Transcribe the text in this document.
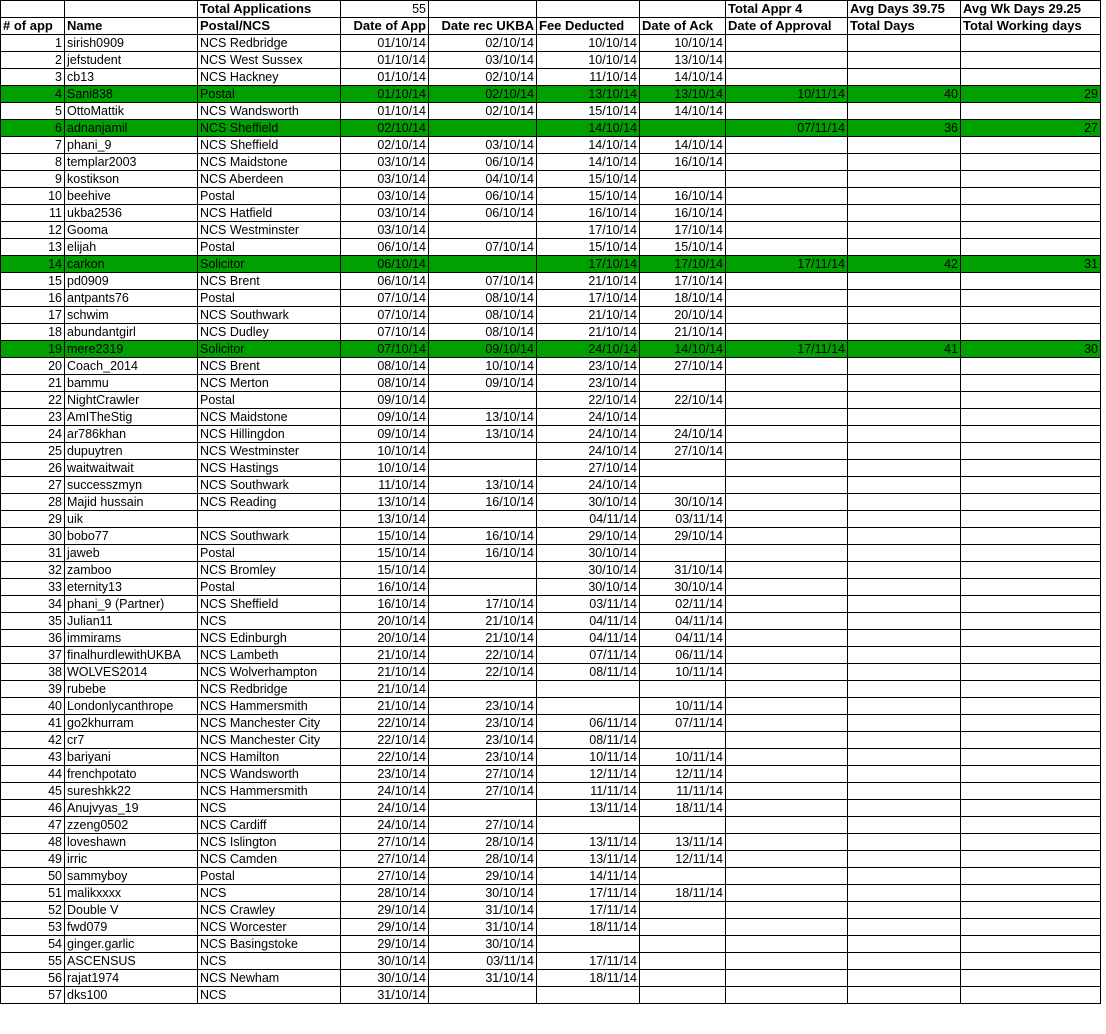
		Total Applications	55				Total Appr 4	Avg Days 39.75	Avg Wk Days 29.25
# of app	Name	Postal/NCS	Date of App	Date rec UKBA	Fee Deducted	Date of Ack	Date of Approval	Total Days	Total Working days
1	sirish0909	NCS Redbridge	01/10/14	02/10/14	10/10/14	10/10/14			
2	jefstudent	NCS West Sussex	01/10/14	03/10/14	10/10/14	13/10/14			
3	cb13	NCS Hackney	01/10/14	02/10/14	11/10/14	14/10/14			
4	Sani838	Postal	01/10/14	02/10/14	13/10/14	13/10/14	10/11/14	40	29
5	OttoMattik	NCS Wandsworth	01/10/14	02/10/14	15/10/14	14/10/14			
6	adnanjamil	NCS Sheffield	02/10/14		14/10/14		07/11/14	36	27
7	phani_9	NCS Sheffield	02/10/14	03/10/14	14/10/14	14/10/14			
8	templar2003	NCS Maidstone	03/10/14	06/10/14	14/10/14	16/10/14			
9	kostikson	NCS Aberdeen	03/10/14	04/10/14	15/10/14				
10	beehive	Postal	03/10/14	06/10/14	15/10/14	16/10/14			
11	ukba2536	NCS Hatfield	03/10/14	06/10/14	16/10/14	16/10/14			
12	Gooma	NCS Westminster	03/10/14		17/10/14	17/10/14			
13	elijah	Postal	06/10/14	07/10/14	15/10/14	15/10/14			
14	carkon	Solicitor	06/10/14		17/10/14	17/10/14	17/11/14	42	31
15	pd0909	NCS Brent	06/10/14	07/10/14	21/10/14	17/10/14			
16	antpants76	Postal	07/10/14	08/10/14	17/10/14	18/10/14			
17	schwim	NCS Southwark	07/10/14	08/10/14	21/10/14	20/10/14			
18	abundantgirl	NCS Dudley	07/10/14	08/10/14	21/10/14	21/10/14			
19	mere2319	Solicitor	07/10/14	09/10/14	24/10/14	14/10/14	17/11/14	41	30
20	Coach_2014	NCS Brent	08/10/14	10/10/14	23/10/14	27/10/14			
21	bammu	NCS Merton	08/10/14	09/10/14	23/10/14				
22	NightCrawler	Postal	09/10/14		22/10/14	22/10/14			
23	AmITheStig	NCS Maidstone	09/10/14	13/10/14	24/10/14				
24	ar786khan	NCS Hillingdon	09/10/14	13/10/14	24/10/14	24/10/14			
25	dupuytren	NCS Westminster	10/10/14		24/10/14	27/10/14			
26	waitwaitwait	NCS Hastings	10/10/14		27/10/14				
27	successzmyn	NCS Southwark	11/10/14	13/10/14	24/10/14				
28	Majid hussain	NCS Reading	13/10/14	16/10/14	30/10/14	30/10/14			
29	uik		13/10/14		04/11/14	03/11/14			
30	bobo77	NCS Southwark	15/10/14	16/10/14	29/10/14	29/10/14			
31	jaweb	Postal	15/10/14	16/10/14	30/10/14				
32	zamboo	NCS Bromley	15/10/14		30/10/14	31/10/14			
33	eternity13	Postal	16/10/14		30/10/14	30/10/14			
34	phani_9 (Partner)	NCS Sheffield	16/10/14	17/10/14	03/11/14	02/11/14			
35	Julian11	NCS	20/10/14	21/10/14	04/11/14	04/11/14			
36	immirams	NCS Edinburgh	20/10/14	21/10/14	04/11/14	04/11/14			
37	finalhurdlewithUKBA	NCS Lambeth	21/10/14	22/10/14	07/11/14	06/11/14			
38	WOLVES2014	NCS Wolverhampton	21/10/14	22/10/14	08/11/14	10/11/14			
39	rubebe	NCS Redbridge	21/10/14						
40	Londonlycanthrope	NCS Hammersmith	21/10/14	23/10/14		10/11/14			
41	go2khurram	NCS Manchester City	22/10/14	23/10/14	06/11/14	07/11/14			
42	cr7	NCS Manchester City	22/10/14	23/10/14	08/11/14				
43	bariyani	NCS Hamilton	22/10/14	23/10/14	10/11/14	10/11/14			
44	frenchpotato	NCS Wandsworth	23/10/14	27/10/14	12/11/14	12/11/14			
45	sureshkk22	NCS Hammersmith	24/10/14	27/10/14	11/11/14	11/11/14			
46	Anujvyas_19	NCS	24/10/14		13/11/14	18/11/14			
47	zzeng0502	NCS Cardiff	24/10/14	27/10/14					
48	loveshawn	NCS Islington	27/10/14	28/10/14	13/11/14	13/11/14			
49	irric	NCS Camden	27/10/14	28/10/14	13/11/14	12/11/14			
50	sammyboy	Postal	27/10/14	29/10/14	14/11/14				
51	malikxxxx	NCS	28/10/14	30/10/14	17/11/14	18/11/14			
52	Double V	NCS Crawley	29/10/14	31/10/14	17/11/14				
53	fwd079	NCS Worcester	29/10/14	31/10/14	18/11/14				
54	ginger.garlic	NCS Basingstoke	29/10/14	30/10/14					
55	ASCENSUS	NCS	30/10/14	03/11/14	17/11/14				
56	rajat1974	NCS Newham	30/10/14	31/10/14	18/11/14				
57	dks100	NCS	31/10/14						
